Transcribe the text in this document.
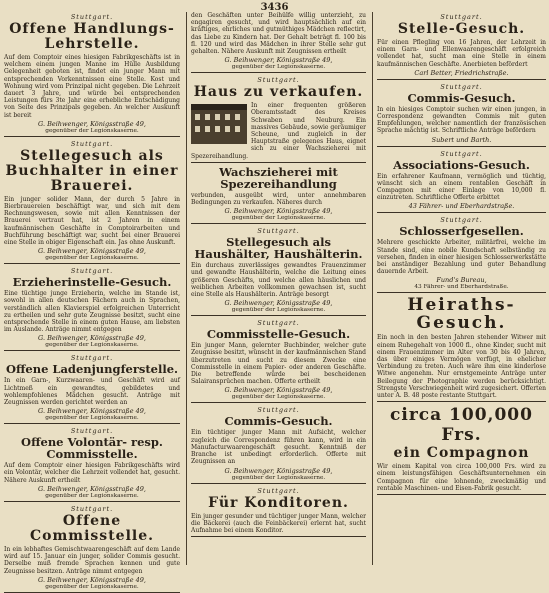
3436
Stuttgart.
Offene Handlungs-Lehrstelle.

Auf dem Comptoir eines hiesigen Fabrikgeschäfts ist in welchem einem jungen Manne im Hülle Ausbildung Gelegenheit geboten ist, findet ein junger Mann mit entsprechenden Vorkenntnissen eine Stelle. Kost und Wohnung wird vom Prinzipal nicht gegeben. Die Lehrzeit dauert 3 Jahre, und würde bei entsprechenden Leistungen fürs 3te Jahr eine erhebliche Entschädigung von Seite des Prinzipals gegeben. An welcher Auskunft ist bereit

G. Beihwenger, Königsstraße 49,
gegenüber der Legionskaserne.
Stuttgart.
Stellegesuch als Buchhalter in einer Brauerei.

Ein junger solider Mann, der durch 5 Jahre in Bierbrauereien beschäftigt war, und sich mit dem Rechnungswesen, sowie mit allen Kenntnissen der Brauerei vertraut hat, ist 2 Jahren in einem kaufmännischen Geschäfte in Comptoirarbeiten und Buchführung beschäftigt war, sucht bei einer Brauerei eine Stelle in obiger Eigenschaft ein. Jas ohne Auskunft.

G. Beihwenger, Königsstraße 49,
gegenüber der Legionskaserne.
Stuttgart.
Erzieherinstelle-Gesuch.

Eine tüchtige junge Erzieherin, welche im Stande ist, sowohl in allen deutschen Fächern auch in Sprachen, verständlich allen Klavierspiel erfolgreichen Unterricht zu ertheilen und sehr gute Zeugnisse besitzt, sucht eine entsprechende Stelle in einem guten Hause, am liebsten im Auslande. Anträge nimmt entgegen

G. Beihwenger, Königsstraße 49,
gegenüber der Legionskaserne.
Stuttgart.
Offene Ladenjungferstelle.

In ein Garn-, Kurzwaaren- und Geschäft wird auf Lichtmeß ein gewandtes, gebildetes und wohlempfohlenes Mädchen gesucht. Anträge mit Zeugnissen werden gerichtet werden an

G. Beihwenger, Königsstraße 49,
gegenüber der Legionskaserne.
Stuttgart.
Offene Volontär- resp. Commisstelle.

Auf dem Comptoir einer hiesigen Fabrikgeschäfts wird ein Volontär, welcher die Lehrzeit vollendet hat, gesucht. Nähere Auskunft ertheilt

G. Beihwenger, Königsstraße 49,
gegenüber der Legionskaserne.
Stuttgart.
Offene Commisstelle.

In ein lebhaftes Gemischtwaarengeschäft auf dem Lande wird auf 15. Januar ein junger, solider Commis gesucht. Derselbe muß fremde Sprachen kennen und gute Zeugnisse besitzen. Anträge nimmt entgegen

G. Beihwenger, Königsstraße 49,
gegenüber der Legionskaserne.

den Geschäften unter Beihülfe willig unterzieht, zu engagiren gesucht, und wird hauptsächlich auf ein kräftiges, ehrliches und gutmüthiges Mädchen reflectirt, das Liebe zu Kindern hat. Der Gehalt beträgt fl. 100 bis fl. 120 und wird das Mädchen in ihrer Stelle sehr gut gehalten. Nähere Auskunft mit Zeugnissen ertheilt

G. Beihwenger, Königsstraße 49,
gegenüber der Legionskaserne.
Stuttgart.
Haus zu verkaufen.

In einer frequenten größeren Oberamtsstadt des Kreises Schwaben und Neuburg. Ein massives Gebäude, sowie geräumiger Scheune, und zugleich in der Hauptstraße gelegenes Haus, eignet sich zu einer Wachszieherei mit Spezereihandlung.

Wachszieherei mit Spezereihandlung

verbunden, ausgeübt wird, unter annehmbaren Bedingungen zu verkaufen. Näheres durch

G. Beihwenger, Königsstraße 49,
gegenüber der Legionskaserne.
Stuttgart.
Stellegesuch als Haushälter, Haushälterin.

Ein durchaus zuverlässiges gewandtes Frauenzimmer und gewandte Haushälterin, welche die Leitung eines größeren Geschäfts, und welche allen häuslichen und weiblichen Arbeiten vollkommen gewachsen ist, sucht eine Stelle als Haushälterin. Anträge besorgt

G. Beihwenger, Königsstraße 49,
gegenüber der Legionskaserne.
Stuttgart.
Commisstelle-Gesuch.

Ein junger Mann, gelernter Buchbinder, welcher gute Zeugnisse besitzt, wünscht in der kaufmännischen Stand überzutreten und sucht zu diesem Zwecke eine Commisstelle in einem Papier- oder anderen Geschäfte. Die betreffende würde bei bescheidenen Salairansprüchen machen. Offerte ertheilt

G. Beihwenger, Königsstraße 49,
gegenüber der Legionskaserne.
Stuttgart.
Commis-Gesuch.

Ein tüchtiger junger Mann mit Aufsicht, welcher zugleich die Correspondenz führen kann, wird in ein Manufacturwaarengeschäft gesucht. Kenntniß der Branche ist unbedingt erforderlich. Offerte mit Zeugnissen an

G. Beihwenger, Königsstraße 49,
gegenüber der Legionskaserne.
Stuttgart.
Für Konditoren.

Ein junger gesunder und tüchtiger junger Mann, welcher die Bäckerei (auch die Feinbäckerei) erlernt hat, sucht Aufnahme bei einem Konditor.

Stuttgart.
Stelle-Gesuch.

Für einen Pflegling von 16 Jahren, der Lehrzeit in einem Garn- und Ellenwaarengeschäft erfolgreich vollendet hat, sucht man eine Stelle in einem kaufmännischen Geschäfte. Anerbieten befördert

Carl Better, Friedrichstraße.
Stuttgart.
Commis-Gesuch.

In ein hiesiges Comptoir suchen wir einen jungen, in Correspondenz gewandten Commis mit guten Empfehlungen, welcher namentlich der französischen Sprache mächtig ist. Schriftliche Anträge befördern

Subert und Barth.
Stuttgart.
Associations-Gesuch.

Ein erfahrener Kaufmann, vermöglich und tüchtig, wünscht sich an einem rentablen Geschäft in Compagnon mit einer Einlage von 10,000 fl. einzutreten. Schriftliche Offerte erbittet

43 Fährer- und Eberhardstraße.
Stuttgart.
Schlosserfgesellen.

Mehrere geschickte Arbeiter, militärfrei, welche im Stande sind, eine nobile Kundschaft selbständig zu versehen, finden in einer hiesigen Schlosserwerkstätte bei anständiger Bezahlung und guter Behandlung dauernde Arbeit.

Fund's Bureau,
43 Fährer- und Eberhardstraße.
Heiraths-Gesuch.

Ein noch in den besten Jahren stehender Witwer mit einem Ruhegehalt von 1000 fl., ohne Kinder, sucht mit einem Frauenzimmer im Alter von 30 bis 40 Jahren, das über einiges Vermögen verfügt, in ehelicher Verbindung zu treten. Auch wäre ihm eine kinderlose Witwe angenehm. Nur ernstgemeinte Anträge unter Beilegung der Photographie werden berücksichtigt. Strengste Verschwiegenheit wird zugesichert. Offerten unter A. B. 48 poste restante Stuttgart.

circa 100,000 Frs.
ein Compagnon

Wir einem Kapital von circa 100,000 Frs. wird zu einem leistungsfähigen Geschäftsunternehmen ein Compagnon für eine lohnende, zweckmäßig und rentable Maschinen- und Eisen-Fabrik gesucht.
